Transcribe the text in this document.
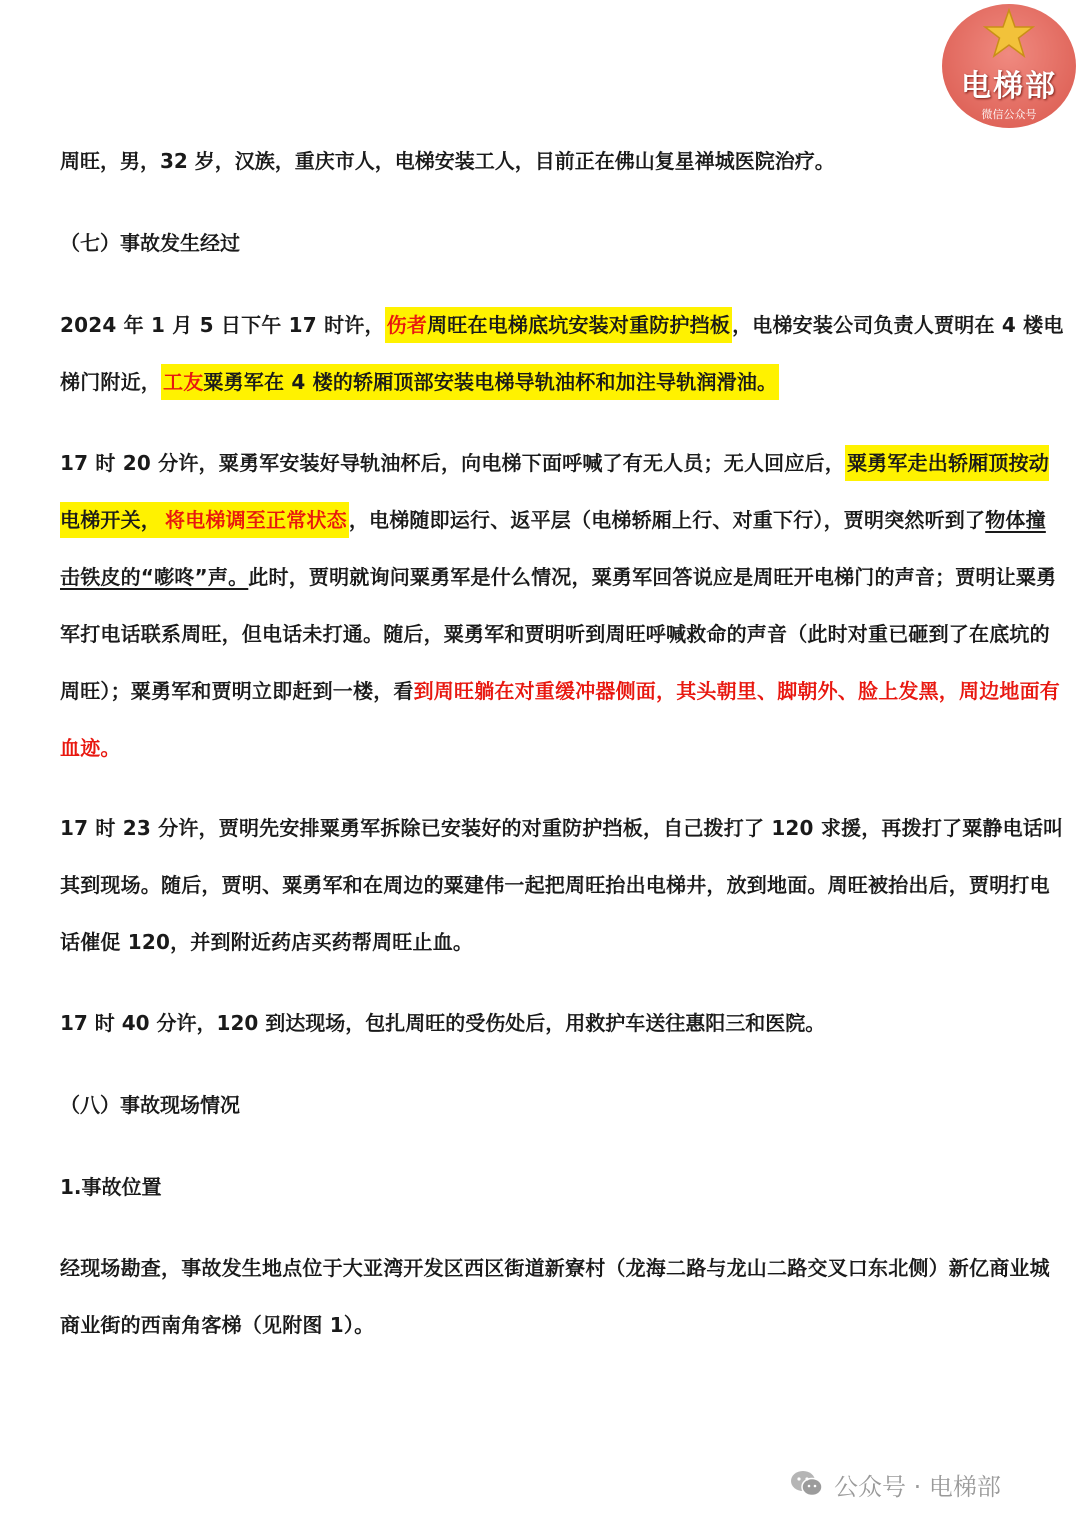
电梯部
微信公众号

周旺，男，32 岁，汉族，重庆市人，电梯安装工人，目前正在佛山复星禅城医院治疗。

（七）事故发生经过

2024 年 1 月 5 日下午 17 时许， 伤者周旺在电梯底坑安装对重防护挡板 ，电梯安装公司负责人贾明在 4 楼电梯门附近， 工友粟勇军在 4 楼的轿厢顶部安装电梯导轨油杯和加注导轨润滑油。

17 时 20 分许，粟勇军安装好导轨油杯后，向电梯下面呼喊了有无人员；无人回应后， 粟勇军走出轿厢顶按动电梯开关， 将电梯调至正常状态 ，电梯随即运行、返平层（电梯轿厢上行、对重下行），贾明突然听到了物体撞击铁皮的“嘭咚”声。此时，贾明就询问粟勇军是什么情况，粟勇军回答说应是周旺开电梯门的声音；贾明让粟勇军打电话联系周旺，但电话未打通。随后，粟勇军和贾明听到周旺呼喊救命的声音（此时对重已砸到了在底坑的周旺）；粟勇军和贾明立即赶到一楼，看到周旺躺在对重缓冲器侧面，其头朝里、脚朝外、脸上发黑，周边地面有血迹。

17 时 23 分许，贾明先安排粟勇军拆除已安装好的对重防护挡板，自己拨打了 120 求援，再拨打了粟静电话叫其到现场。随后，贾明、粟勇军和在周边的粟建伟一起把周旺抬出电梯井，放到地面。周旺被抬出后，贾明打电话催促 120，并到附近药店买药帮周旺止血。

17 时 40 分许，120 到达现场，包扎周旺的受伤处后，用救护车送往惠阳三和医院。

（八）事故现场情况

1.事故位置

经现场勘查，事故发生地点位于大亚湾开发区西区街道新寮村（龙海二路与龙山二路交叉口东北侧）新亿商业城商业街的西南角客梯（见附图 1）。

公众号 · 电梯部
